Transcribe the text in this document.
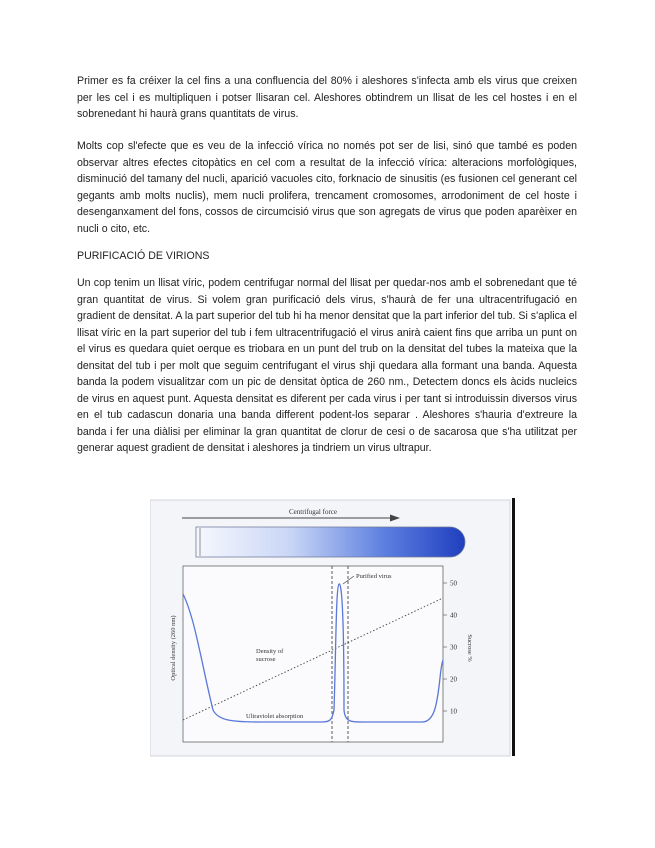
Primer es fa créixer la cel fins a una confluencia del 80% i aleshores s'infecta amb els virus que creixen per les cel i es multipliquen i potser llisaran cel. Aleshores obtindrem un llisat de les cel hostes i en el sobrenedant hi haurà grans quantitats de virus.

Molts cop sl'efecte que es veu de la infecció vírica no només pot ser de lisi, sinó que també es poden observar altres efectes citopàtics en cel com a resultat de la infecció vírica: alteracions morfològiques, disminució del tamany del nucli, aparició vacuoles cito, forknacio de sinusitis (es fusionen cel generant cel gegants amb molts nuclis), mem nucli prolifera, trencament cromosomes, arrodoniment de cel hoste i desenganxament del fons, cossos de circumcisió virus que son agregats de virus que poden aparèixer en nucli o cito, etc.

PURIFICACIÓ DE VIRIONS

Un cop tenim un llisat víric, podem centrifugar normal del llisat per quedar-nos amb el sobrenedant que té gran quantitat de virus. Si volem gran purificació dels virus, s'haurà de fer una ultracentrifugació en gradient de densitat. A la part superior del tub hi ha menor densitat que la part inferior del tub. Si s'aplica el llisat víric en la part superior del tub i fem ultracentrifugació el virus anirà caient fins que arriba un punt on el virus es quedara quiet oerque es triobara en un punt del trub on la densitat del tubes la mateixa que la densitat del tub i per molt que seguim centrifugant el virus shji quedara alla formant una banda. Aquesta banda la podem visualitzar com un pic de densitat òptica de 260 nm., Detectem doncs els àcids nucleics de virus en aquest punt. Aquesta densitat es diferent per cada virus i per tant si introduissin diversos virus en el tub cadascun donaria una banda different podent-los separar . Aleshores s'hauria d'extreure la banda i fer una diàlisi per eliminar la gran quantitat de clorur de cesi o de sacarosa que s'ha utilitzat per generar aquest gradient de densitat i aleshores ja tindriem un virus ultrapur.

Centrifugal force
Optical density (260 nm)	Sucrose %
50
40
30
20
10
Purified virus
Density of
sucrose
Ultraviolet absorption
